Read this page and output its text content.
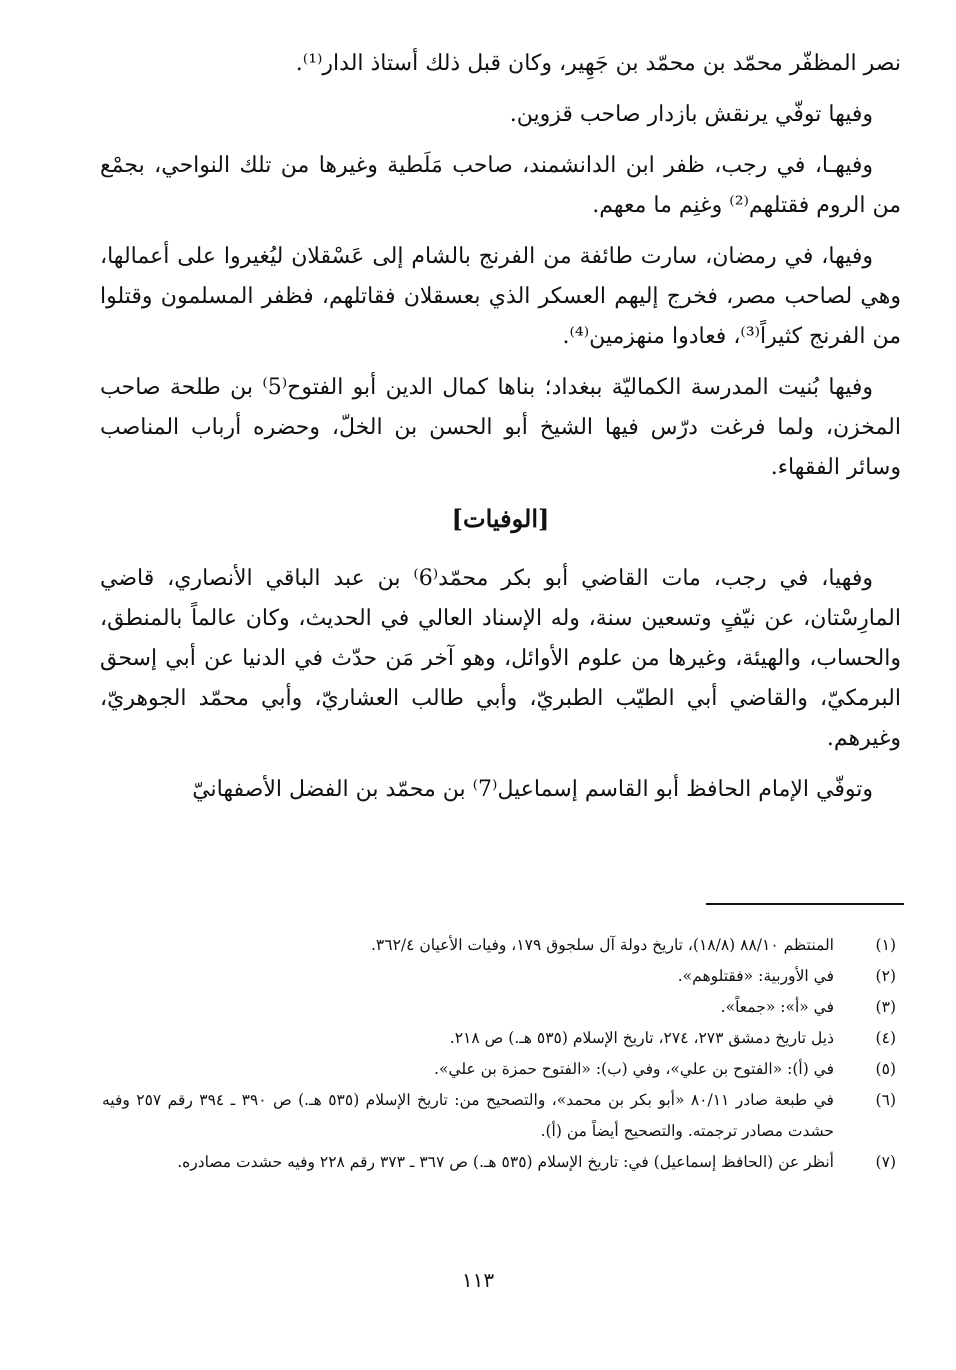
نصر المظفّر محمّد بن محمّد بن جَهِير، وكان قبل ذلك أستاذ الدار⁽¹⁾.

وفيها توفّي يرنقش بازدار صاحب قزوين.

وفيهـا، في رجب، ظفر ابن الدانشمند، صاحب مَلَطية وغيرها من تلك النواحي، بجمْع من الروم فقتلهم⁽²⁾ وغنِم ما معهم.

وفيها، في رمضان، سارت طائفة من الفرنج بالشام إلى عَسْقلان ليُغيروا على أعمالها، وهي لصاحب مصر، فخرج إليهم العسكر الذي بعسقلان فقاتلهم، فظفر المسلمون وقتلوا من الفرنج كثيراً⁽³⁾، فعادوا منهزمين⁽⁴⁾.

وفيها بُنيت المدرسة الكماليّة ببغداد؛ بناها كمال الدين أبو الفتوح⁽5⁾ بن طلحة صاحب المخزن، ولما فرغت درّس فيها الشيخ أبو الحسن بن الخلّ، وحضره أرباب المناصب وسائر الفقهاء.

[الوفيات]

وفهيا، في رجب، مات القاضي أبو بكر محمّد⁽6⁾ بن عبد الباقي الأنصاري، قاضي المارِسْتان، عن نيّفٍ وتسعين سنة، وله الإسناد العالي في الحديث، وكان عالماً بالمنطق، والحساب، والهيئة، وغيرها من علوم الأوائل، وهو آخر مَن حدّث في الدنيا عن أبي إسحق البرمكيّ، والقاضي أبي الطيّب الطبريّ، وأبي طالب العشاريّ، وأبي محمّد الجوهريّ، وغيرهم.

وتوفّي الإمام الحافظ أبو القاسم إسماعيل⁽7⁾ بن محمّد بن الفضل الأصفهانيّ

(١)
المنتظم ٨٨/١٠ (١٨/٨)، تاريخ دولة آل سلجوق ١٧٩، وفيات الأعيان ٣٦٢/٤.
(٢)
في الأوربية: «فقتلوهم».
(٣)
في «أ»: «جمعاً».
(٤)
ذيل تاريخ دمشق ٢٧٣، ٢٧٤، تاريخ الإسلام (٥٣٥ هـ.) ص ٢١٨.
(٥)
في (أ): «الفتوح بن علي»، وفي (ب): «الفتوح حمزة بن علي».
(٦)
في طبعة صادر ٨٠/١١ «أبو بكر بن محمد»، والتصحيح من: تاريخ الإسلام (٥٣٥ هـ.) ص ٣٩٠ ـ ٣٩٤ رقم ٢٥٧ وفيه حشدت مصادر ترجمته. والتصحيح أيضاً من (أ).
(٧)
أنظر عن (الحافظ إسماعيل) في: تاريخ الإسلام (٥٣٥ هـ.) ص ٣٦٧ ـ ٣٧٣ رقم ٢٢٨ وفيه حشدت مصادره.
١١٣
